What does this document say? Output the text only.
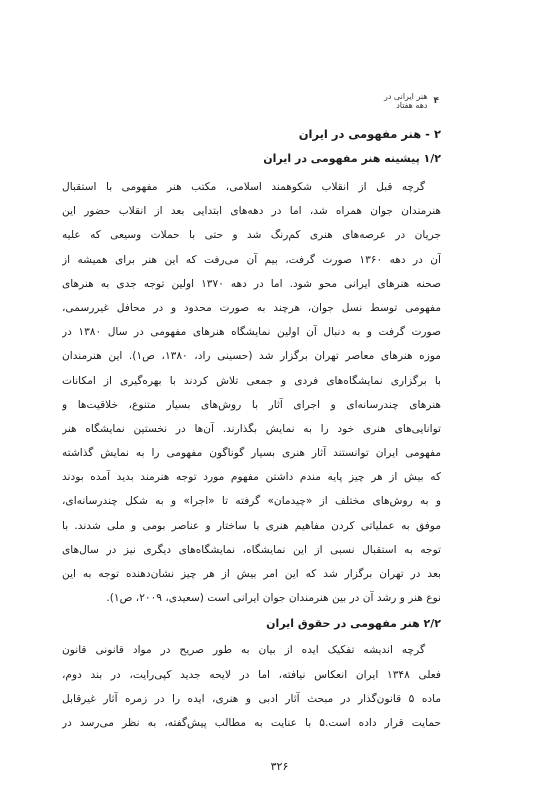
۴
هنر ایرانی در دهه هفتاد
۲ - هنر مفهومی در ایران
۱/۲ پیشینه هنر مفهومی در ایران
گرچه قبل از انقلاب شکوهمند اسلامی، مکتب هنر مفهومی با استقبال
هنرمندان جوان همراه شد، اما در دهه‌های ابتدایی بعد از انقلاب حضور این
جریان در عرصه‌های هنری کم‌رنگ شد و حتی با حملات وسیعی که علیه
آن در دهه ۱۳۶۰ صورت گرفت، بیم آن می‌رفت که این هنر برای همیشه از
صحنه هنرهای ایرانی محو شود. اما در دهه ۱۳۷۰ اولین توجه جدی به هنرهای
مفهومی توسط نسل جوان، هرچند به صورت محدود و در محافل غیررسمی،
صورت گرفت و به دنبال آن اولین نمایشگاه هنرهای مفهومی در سال ۱۳۸۰ در
موزه هنرهای معاصر تهران برگزار شد (حسینی راد، ۱۳۸۰، ص۱). این هنرمندان
با برگزاری نمایشگاه‌های فردی و جمعی تلاش کردند با بهره‌گیری از امکانات
هنرهای چندرسانه‌ای و اجرای آثار با روش‌های بسیار متنوع، خلاقیت‌ها و
توانایی‌های هنری خود را به نمایش بگذارند. آن‌ها در نخستین نمایشگاه هنر
مفهومی ایران توانستند آثار هنری بسیار گوناگون مفهومی را به نمایش گذاشته
که بیش از هر چیز پایه مندم داشتن مفهوم مورد توجه هنرمند بدید آمده بودند
و به روش‌های مختلف از «چیدمان» گرفته تا «اجرا» و به شکل چندرسانه‌ای،
موفق به عملیاتی کردن مفاهیم هنری با ساختار و عناصر بومی و ملی شدند. با
توجه به استقبال نسبی از این نمایشگاه، نمایشگاه‌های دیگری نیز در سال‌های
بعد در تهران برگزار شد که این امر بیش از هر چیز نشان‌دهنده توجه به این
نوع هنر و رشد آن در بین هنرمندان جوان ایرانی است (سعیدی، ۲۰۰۹، ص۱).
۲/۲ هنر مفهومی در حقوق ایران
گرچه اندیشه تفکیک ایده از بیان به طور صریح در مواد قانونی قانون
فعلی ۱۳۴۸ ایران انعکاس نیافته، اما در لایحه جدید کپی‌رایت، در بند دوم،
ماده ۵ قانون‌گذار در مبحث آثار ادبی و هنری، ایده را در زمره آثار غیرقابل
حمایت قرار داده است.۵ با عنایت به مطالب پیش‌گفته، به نظر می‌رسد در
۳۲۶
